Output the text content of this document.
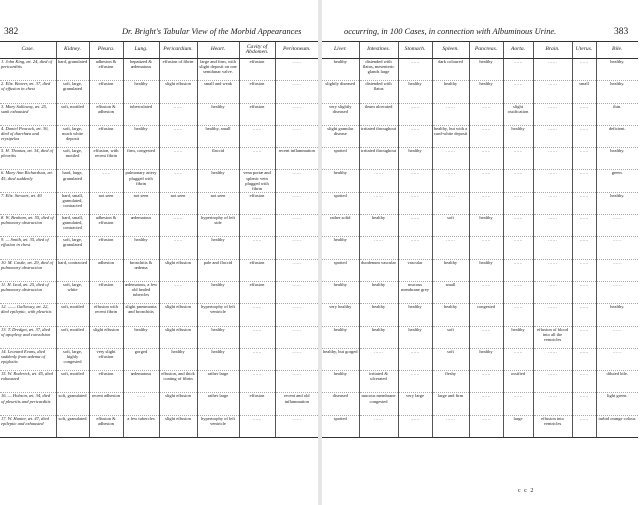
382	Dr. Bright's Tabular View of the Morbid Appearances
Case.	Kidney.	Pleura.	Lung.	Pericardium.	Heart.	Cavity of Abdomen.	Peritoneum.
1. John King, æt. 24, died of pericarditis	hard, granulated	adhesion & effusion	hepatized & œdematous	effusion of fibrin	large and firm, with slight deposit on one semilunar valve.	effusion	……
2. Eliz. Beaver, æt. 37, died of effusion in chest	soft, large, granulated	effusion	healthy	slight effusion	small and weak	effusion	……
3. Mary Sallaway, æt. 25, sunk exhausted	soft, mottled	effusion & adhesion	tuberculated	……	healthy	effusion	……
4. Daniel Peacock, æt. 30, died of diarrhœa and erysipelas	soft, large, much white deposit	effusion	healthy	……	healthy, small	……	……
5. H. Thomas, æt. 34, died of pleuritis	soft, large, mottled	effusion, with recent fibrin	firm, congested	……	flaccid	……	recent inflammation
6. Mary Ann Richardson, æt. 45, died suddenly	hard, large, granulated	……	pulmonary artery plugged with fibrin	……	healthy	vena portæ and splenic vein plugged with fibrin	……
7. Eliz. Stewart, æt. 40	hard, small, granulated, contracted	not seen	not seen	not seen	not seen	effusion	……
8. W. Benham, æt. 55, died of pulmonary obstruction	hard, small, granulated, contracted	adhesion & effusion	œdematous	……	hypertrophy of left side	……	……
9. — Smith, æt. 35, died of effusion in chest	soft, large, granulated	effusion	healthy	……	healthy	……	……
10. M. Castle, æt. 29, died of pulmonary obstruction	hard, contracted	adhesion	bronchitis & œdema	slight effusion	pale and flaccid	effusion	……
11. H. Ixod, æt. 25, died of pulmonary obstruction	soft, large, white	effusion	œdematous, a few old healed tubercles	……	healthy	effusion	……
12. —— Galloway, æt. 22, died epileptic, with pleuritis	soft, mottled	effusion with recent fibrin	slight pneumonia and bronchitis	slight effusion	hypertrophy of left ventricle	……	……
13. T. Dredget, æt. 37, died of apoplexy and convulsion	soft, mottled	slight effusion	healthy	slight effusion	healthy	……	……
14. Leonard Evans, died suddenly from œdema of epiglottis	soft, large, highly congested	very slight effusion	gorged	healthy	healthy	……	……
15. W. Roderick, æt. 45, died exhausted	soft, mottled	effusion	œdematous	effusion, and thick coating of fibrin	rather large	……	……
16. — Hobson, æt. 34, died of pleuritis and pericarditis	soft, granulated	recent adhesion	……	slight effusion	rather large	effusion	recent and old inflammation
17. W. Hunter, æt. 47, died epileptic and exhausted	soft, granulated	effusion & adhesion	a few tubercles	slight effusion	hypertrophy of left ventricle	……	……
occurring, in 100 Cases, in connection with Albuminous Urine.	383
Liver.	Intestines.	Stomach.	Spleen.	Pancreas.	Aorta.	Brain.	Uterus.	Bile.
healthy	distended with flatus, mesenteric glands large	……	dark coloured	healthy	……	……	……	healthy.
slightly diseased	distended with flatus	healthy	healthy	healthy	……	……	small	healthy.
very slightly diseased	ileum ulcerated	……	……	……	slight ossification	……	……	thin.
slight granular disease	irritated throughout	……	healthy, but with a curd-white deposit	……	healthy	……	……	deficient.
spotted	irritated throughout	healthy	……	……	……	……	……	healthy.
healthy	……	……	……	……	……	……	……	green.
spotted	……	……	……	……	……	……	……	healthy.
rather solid	healthy	……	soft	healthy	……	……	……	……
healthy	……	……	……	……	……	……	……	……
spotted	duodenum vascular	vascular	healthy	healthy	……	……	……	……
healthy	healthy	mucous membrane grey	small	……	……	……	……	……
very healthy	healthy	healthy	healthy	congested	……	……	……	healthy.
healthy	healthy	healthy	soft	……	healthy	effusion of blood into all the ventricles	……	……
healthy, but gorged	……	……	soft	healthy	……	……	……	……
healthy	irritated & ulcerated	……	fleshy	……	ossified	……	……	diluted bile.
diseased	mucous membrane congested	very large	large and firm	……	……	……	……	light green.
spotted	……	……	……	……	large	effusion into ventricles	……	turbid orange colour.
c c 2
